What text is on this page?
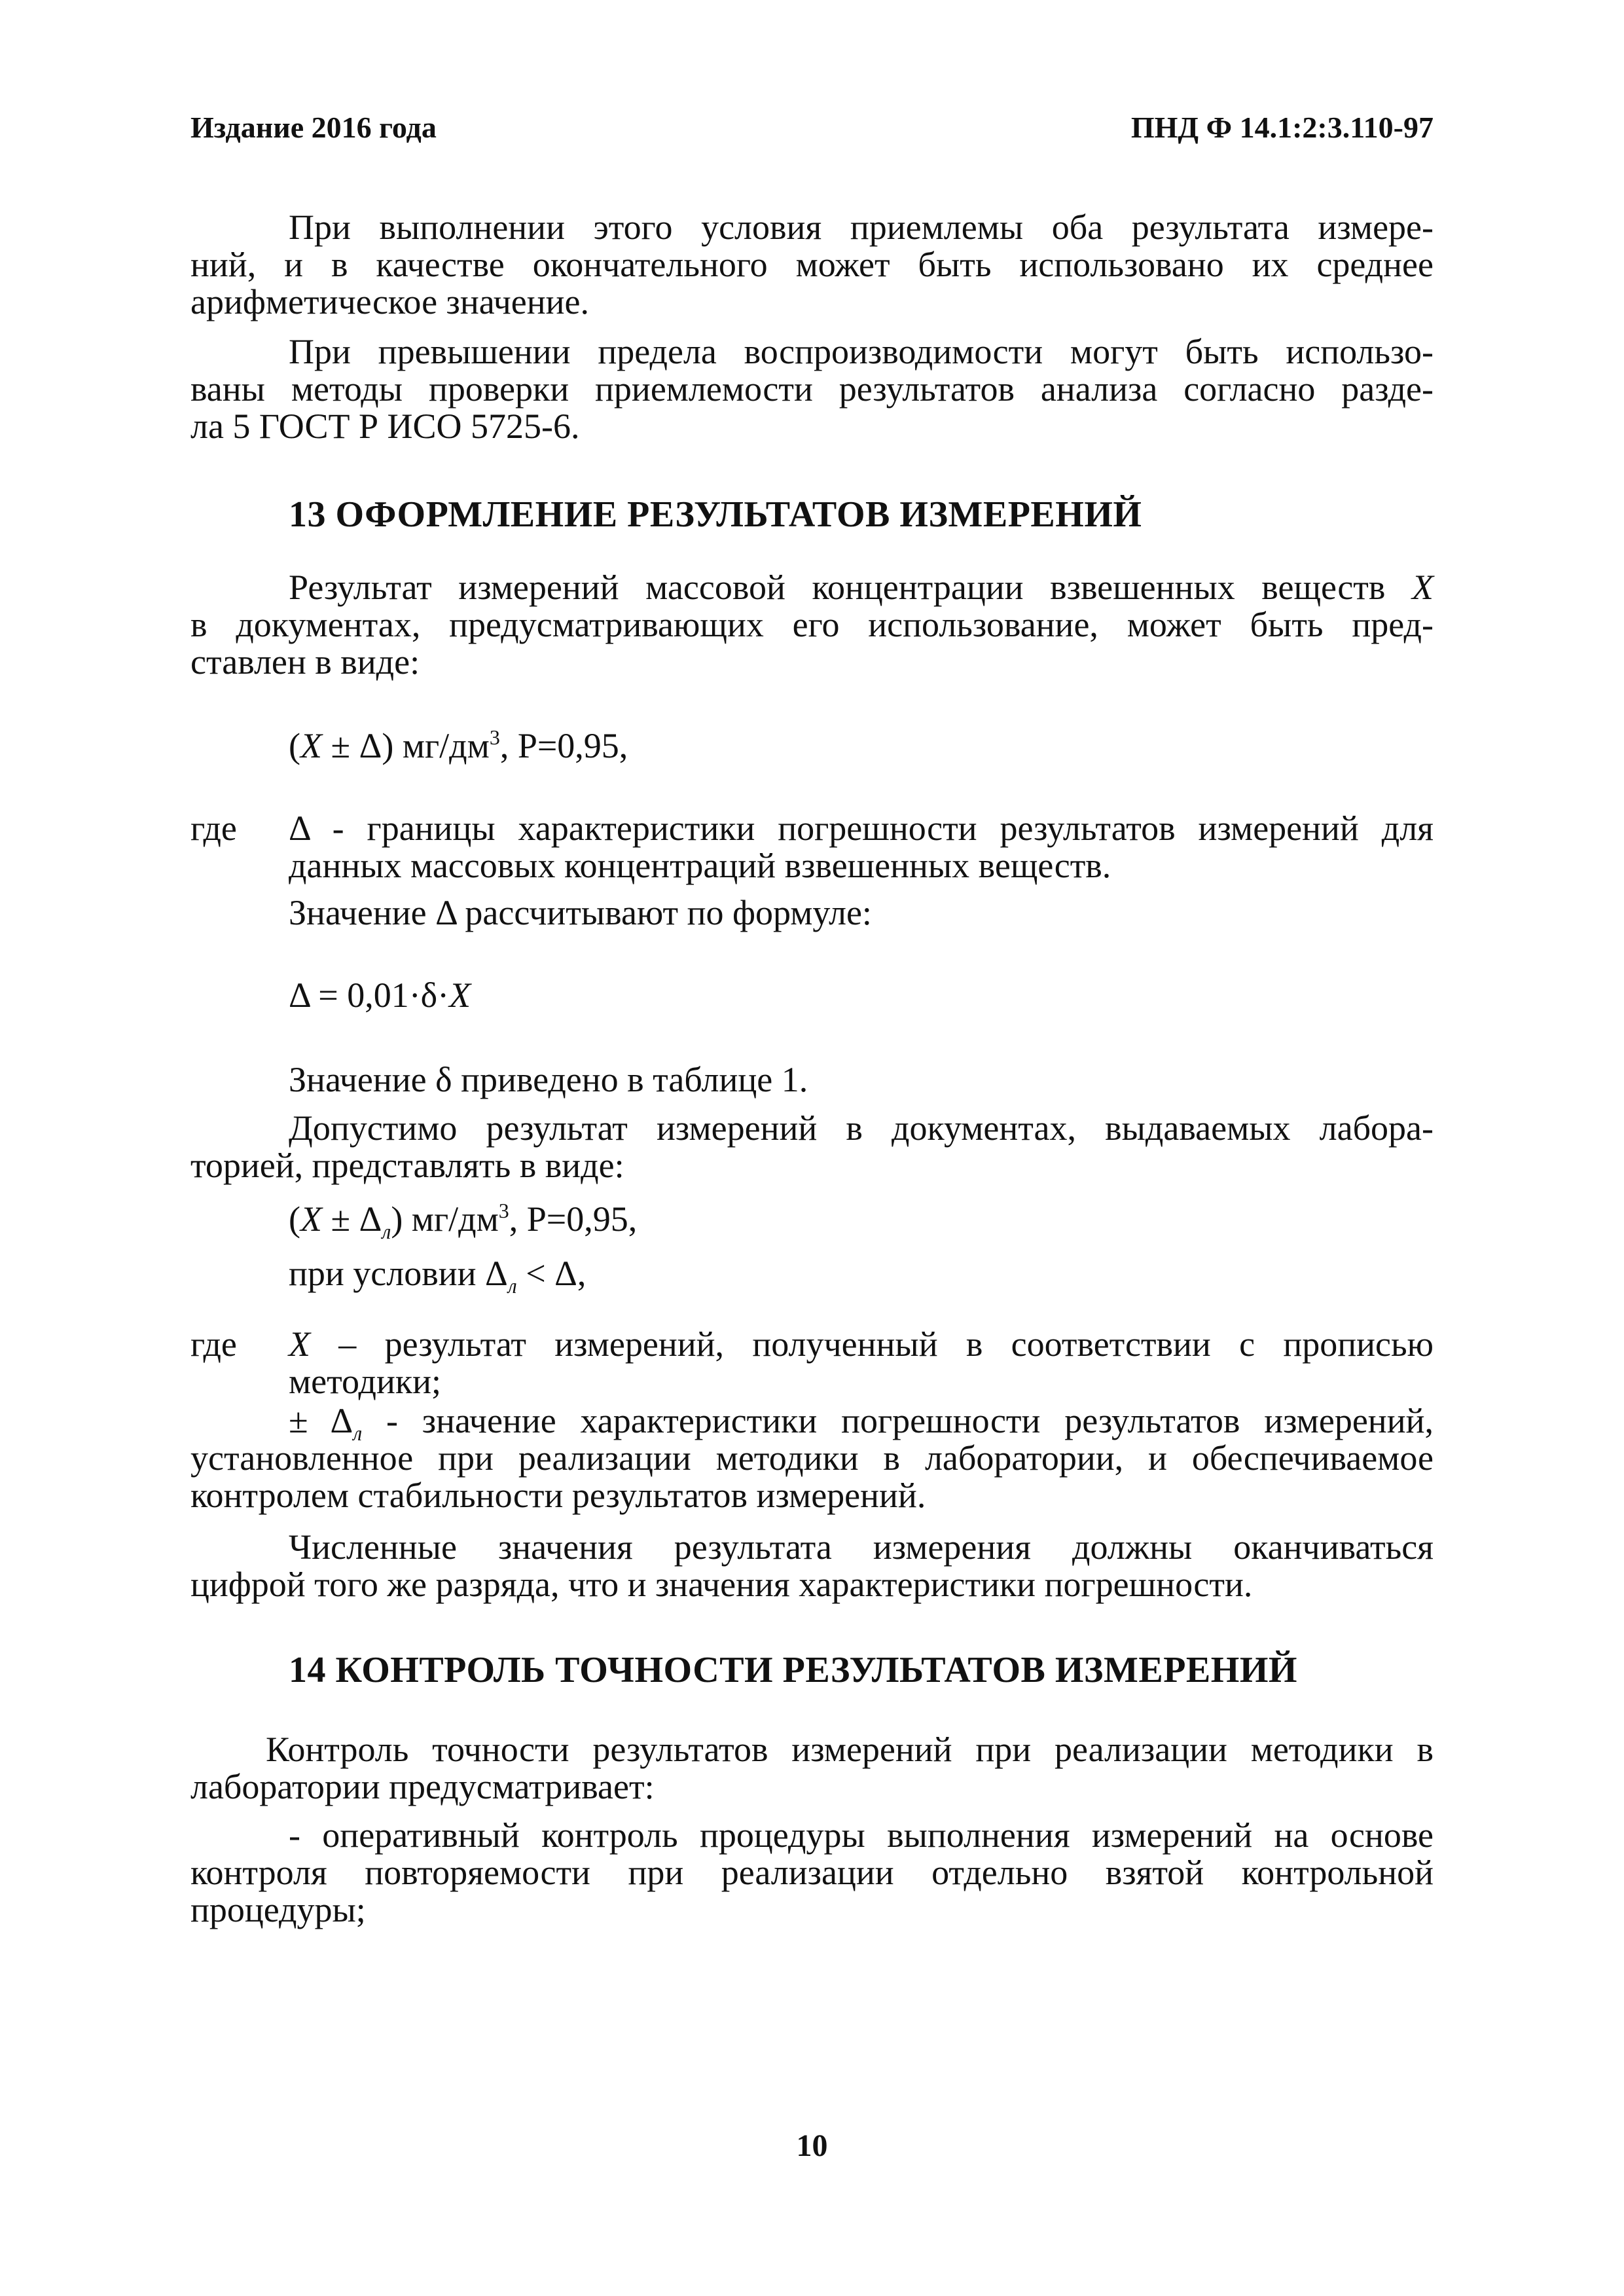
Издание 2016 года	ПНД Ф 14.1:2:3.110-97
При выполнении этого условия приемлемы оба результата измере-
ний, и в качестве окончательного может быть использовано их среднее
арифметическое значение.
При превышении предела воспроизводимости могут быть использо-
ваны методы проверки приемлемости результатов анализа согласно разде-
ла 5 ГОСТ Р ИСО 5725-6.
13 ОФОРМЛЕНИЕ РЕЗУЛЬТАТОВ ИЗМЕРЕНИЙ
Результат измерений массовой концентрации взвешенных веществ X
в документах, предусматривающих его использование, может быть пред-
ставлен в виде:
(X ± Δ) $мг/дм^3$, Р=0,95,
где Δ - границы характеристики погрешности результатов измерений для
данных массовых концентраций взвешенных веществ.
Значение Δ рассчитывают по формуле:
Δ = 0,01·δ·X
Значение δ приведено в таблице 1.
Допустимо результат измерений в документах, выдаваемых лабора-
торией, представлять в виде:
$(X \pm \Delta_л)$ $мг/дм^3$, Р=0,95,
при условии $\Delta_л < \Delta$,
где X – результат измерений, полученный в соответствии с прописью
методики;
± $\Delta_л$ - значение характеристики погрешности результатов измерений,
установленное при реализации методики в лаборатории, и обеспечиваемое
контролем стабильности результатов измерений.
Численные значения результата измерения должны оканчиваться
цифрой того же разряда, что и значения характеристики погрешности.
14 КОНТРОЛЬ ТОЧНОСТИ РЕЗУЛЬТАТОВ ИЗМЕРЕНИЙ
Контроль точности результатов измерений при реализации методики в
лаборатории предусматривает:
- оперативный контроль процедуры выполнения измерений на основе
контроля повторяемости при реализации отдельно взятой контрольной
процедуры;
10
